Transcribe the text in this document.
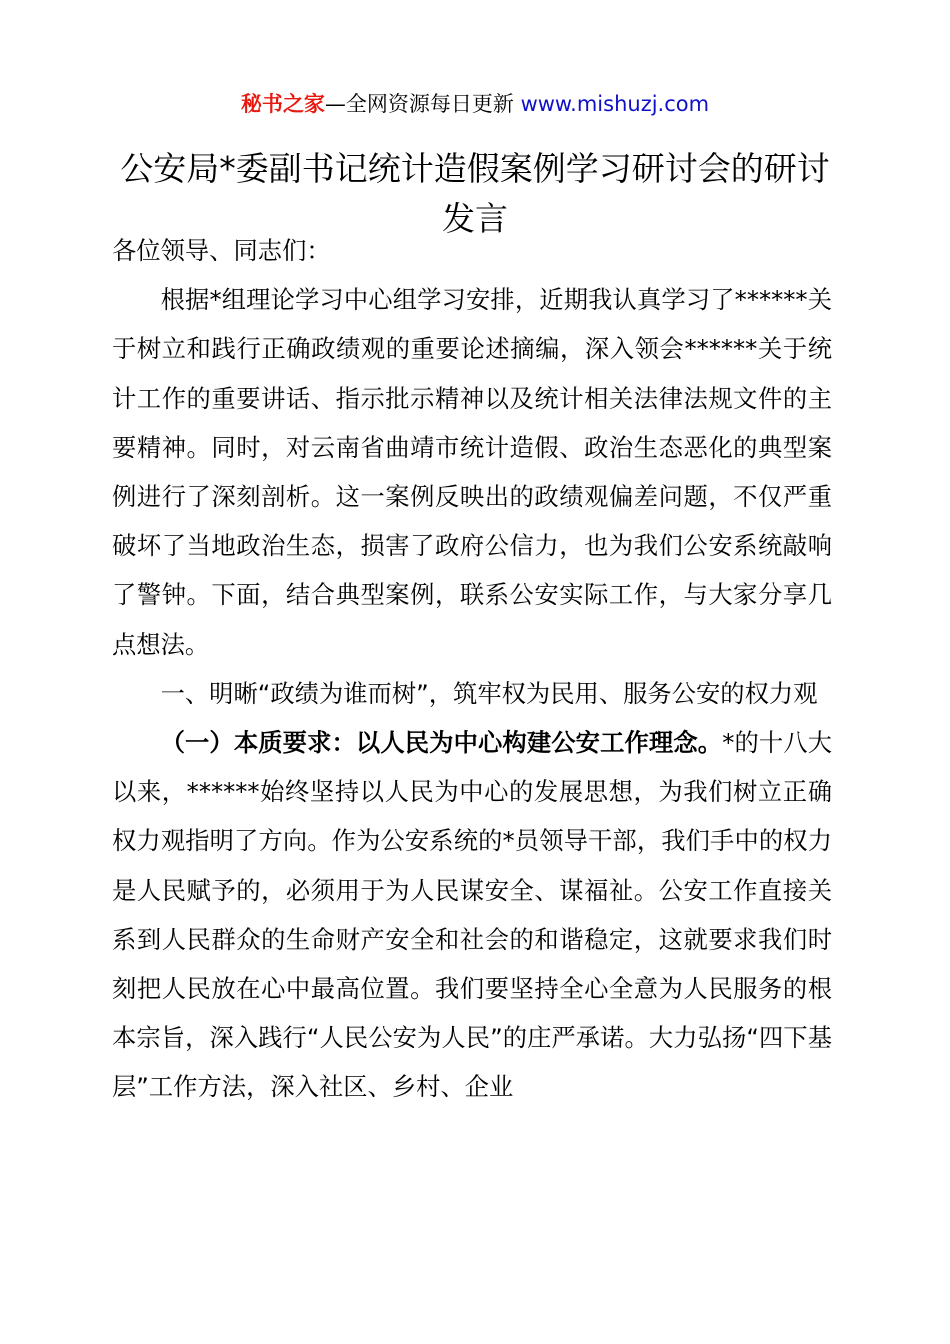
秘书之家—全网资源每日更新 www.mishuzj.com
公安局*委副书记统计造假案例学习研讨会的研讨发言

各位领导、同志们：

根据*组理论学习中心组学习安排，近期我认真学习了******关于树立和践行正确政绩观的重要论述摘编，深入领会******关于统计工作的重要讲话、指示批示精神以及统计相关法律法规文件的主要精神。同时，对云南省曲靖市统计造假、政治生态恶化的典型案例进行了深刻剖析。这一案例反映出的政绩观偏差问题，不仅严重破坏了当地政治生态，损害了政府公信力，也为我们公安系统敲响了警钟。下面，结合典型案例，联系公安实际工作，与大家分享几点想法。

一、明晰“政绩为谁而树”，筑牢权为民用、服务公安的权力观

（一）本质要求：以人民为中心构建公安工作理念。*的十八大以来，******始终坚持以人民为中心的发展思想，为我们树立正确权力观指明了方向。作为公安系统的*员领导干部，我们手中的权力是人民赋予的，必须用于为人民谋安全、谋福祉。公安工作直接关系到人民群众的生命财产安全和社会的和谐稳定，这就要求我们时刻把人民放在心中最高位置。我们要坚持全心全意为人民服务的根本宗旨，深入践行“人民公安为人民”的庄严承诺。大力弘扬“四下基层”工作方法，深入社区、乡村、企业
